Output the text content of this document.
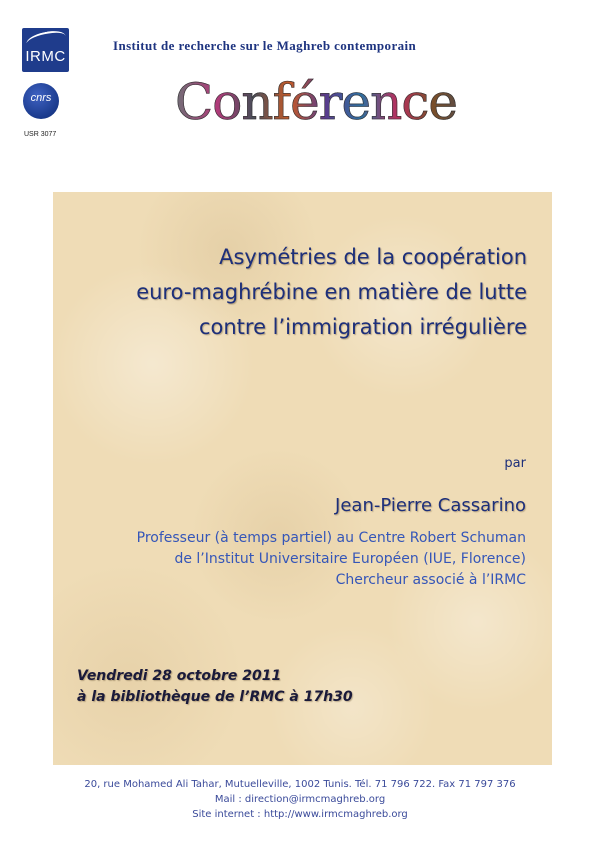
IRMC
cnrs
USR 3077
Institut de recherche sur le Maghreb contemporain
Conférence
Asymétries de la coopération
euro-maghrébine en matière de lutte
contre l’immigration irrégulière
par
Jean-Pierre Cassarino
Professeur (à temps partiel) au Centre Robert Schuman
de l’Institut Universitaire Européen (IUE, Florence)
Chercheur associé à l’IRMC
Vendredi 28 octobre 2011
à la bibliothèque de l’RMC à 17h30
20, rue Mohamed Ali Tahar, Mutuelleville, 1002 Tunis. Tél. 71 796 722. Fax 71 797 376
Mail : direction@irmcmaghreb.org
Site internet : http://www.irmcmaghreb.org
